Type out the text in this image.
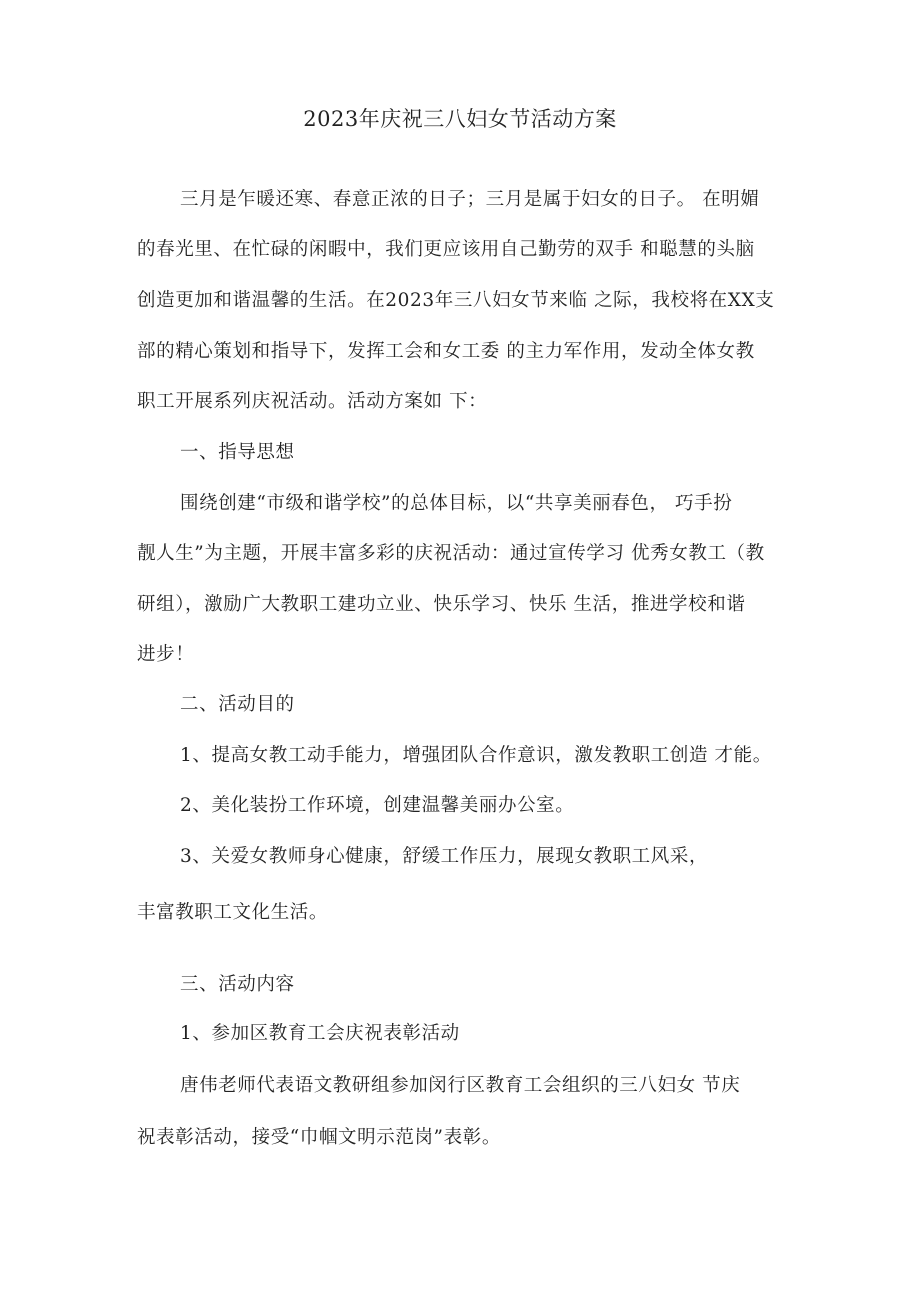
2023年庆祝三八妇女节活动方案
三月是乍暖还寒、春意正浓的日子；三月是属于妇女的日子。 在明媚
的春光里、在忙碌的闲暇中，我们更应该用自己勤劳的双手 和聪慧的头脑
创造更加和谐温馨的生活。在2023年三八妇女节来临 之际，我校将在XX支
部的精心策划和指导下，发挥工会和女工委 的主力军作用，发动全体女教
职工开展系列庆祝活动。活动方案如 下：
一、指导思想
围绕创建“市级和谐学校”的总体目标，以“共享美丽春色， 巧手扮
靓人生”为主题，开展丰富多彩的庆祝活动：通过宣传学习 优秀女教工（教
研组），激励广大教职工建功立业、快乐学习、快乐 生活，推进学校和谐
进步！
二、活动目的
1、提高女教工动手能力，增强团队合作意识，激发教职工创造 才能。
2、美化装扮工作环境，创建温馨美丽办公室。
3、关爱女教师身心健康，舒缓工作压力，展现女教职工风采，
丰富教职工文化生活。
三、活动内容
1、参加区教育工会庆祝表彰活动
唐伟老师代表语文教研组参加闵行区教育工会组织的三八妇女 节庆
祝表彰活动，接受“巾帼文明示范岗”表彰。
